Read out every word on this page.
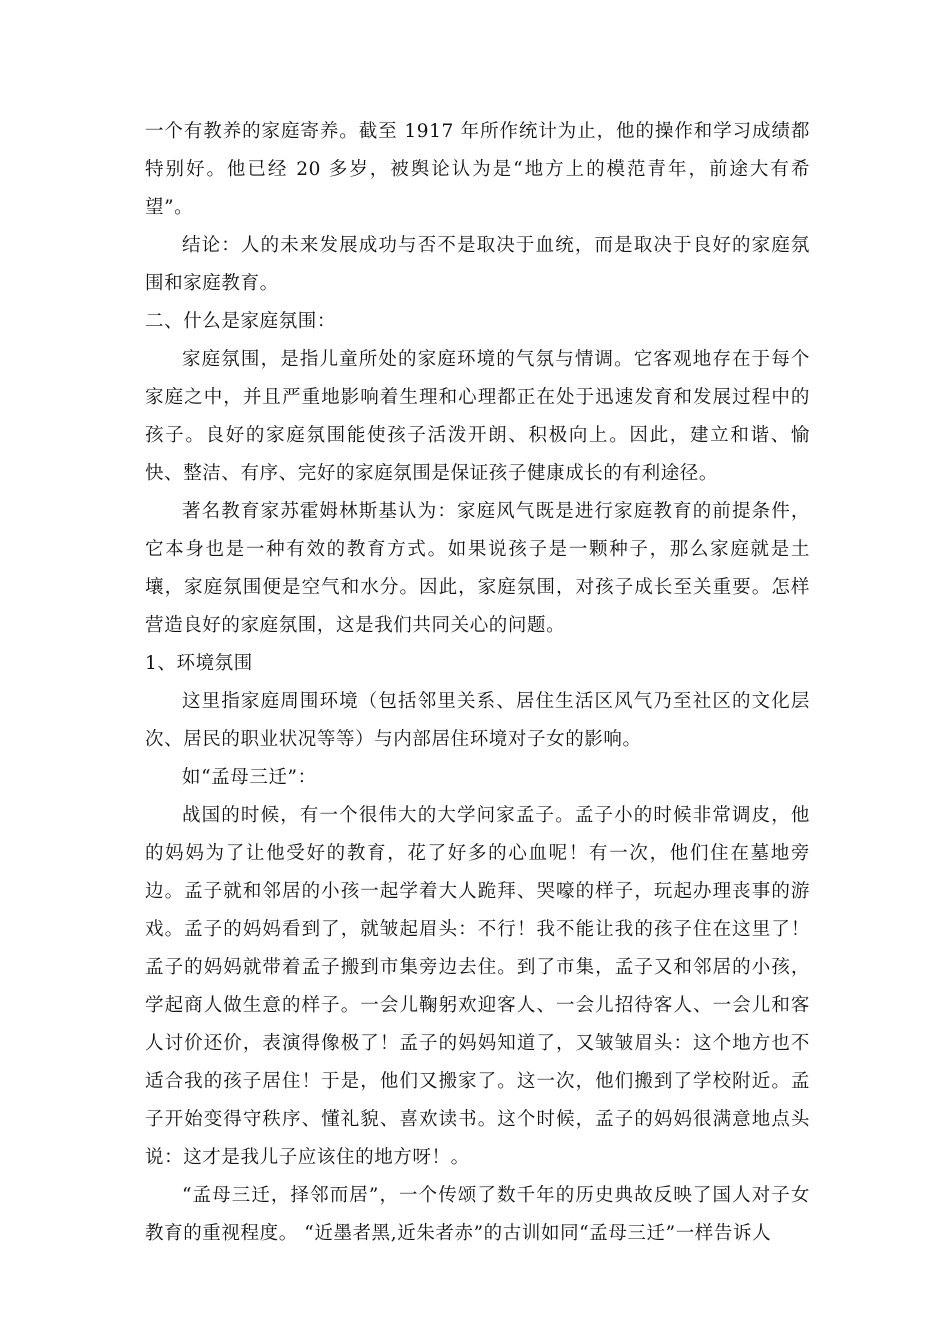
一个有教养的家庭寄养。截至 1917 年所作统计为止，他的操作和学习成绩都特别好。他已经 20 多岁，被舆论认为是“地方上的模范青年，前途大有希望”。

结论：人的未来发展成功与否不是取决于血统，而是取决于良好的家庭氛围和家庭教育。

二、什么是家庭氛围：

家庭氛围，是指儿童所处的家庭环境的气氛与情调。它客观地存在于每个家庭之中，并且严重地影响着生理和心理都正在处于迅速发育和发展过程中的孩子。良好的家庭氛围能使孩子活泼开朗、积极向上。因此，建立和谐、愉快、整洁、有序、完好的家庭氛围是保证孩子健康成长的有利途径。

著名教育家苏霍姆林斯基认为：家庭风气既是进行家庭教育的前提条件，它本身也是一种有效的教育方式。如果说孩子是一颗种子，那么家庭就是土壤，家庭氛围便是空气和水分。因此，家庭氛围，对孩子成长至关重要。怎样营造良好的家庭氛围，这是我们共同关心的问题。

1、环境氛围

这里指家庭周围环境（包括邻里关系、居住生活区风气乃至社区的文化层次、居民的职业状况等等）与内部居住环境对子女的影响。

如“孟母三迁”：

战国的时候，有一个很伟大的大学问家孟子。孟子小的时候非常调皮，他的妈妈为了让他受好的教育，花了好多的心血呢！有一次，他们住在墓地旁边。孟子就和邻居的小孩一起学着大人跪拜、哭嚎的样子，玩起办理丧事的游戏。孟子的妈妈看到了，就皱起眉头：不行！我不能让我的孩子住在这里了！孟子的妈妈就带着孟子搬到市集旁边去住。到了市集，孟子又和邻居的小孩，学起商人做生意的样子。一会儿鞠躬欢迎客人、一会儿招待客人、一会儿和客人讨价还价，表演得像极了！孟子的妈妈知道了，又皱皱眉头：这个地方也不适合我的孩子居住！于是，他们又搬家了。这一次，他们搬到了学校附近。孟子开始变得守秩序、懂礼貌、喜欢读书。这个时候，孟子的妈妈很满意地点头说：这才是我儿子应该住的地方呀！。

“孟母三迁，择邻而居”，一个传颂了数千年的历史典故反映了国人对子女教育的重视程度。 “近墨者黑,近朱者赤”的古训如同“孟母三迁”一样告诉人
